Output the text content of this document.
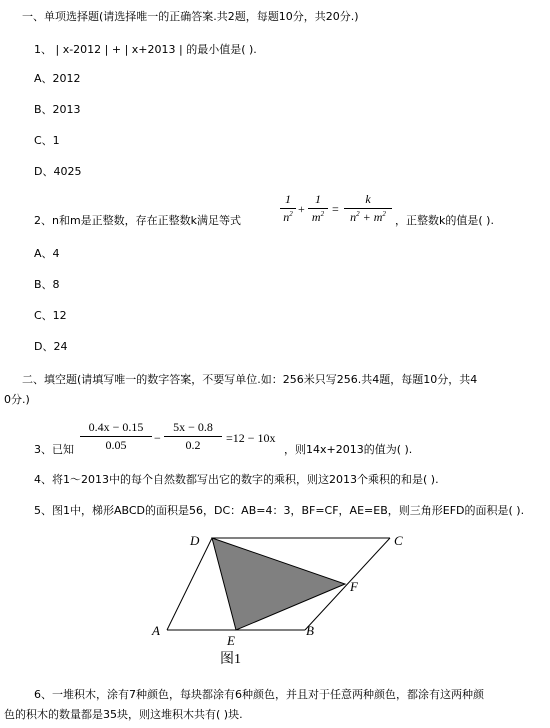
一、单项选择题(请选择唯一的正确答案.共2题，每题10分，共20分.)
1、 | x-2012 | + | x+2013 | 的最小值是( ).
A、2012
B、2013
C、1
D、4025
2、n和m是正整数，存在正整数k满足等式
1
$n^2$ +
1
$m^2$ =
k
$n^2 + m^2$ ，正整数k的值是( ).
A、4
B、8
C、12
D、24
二、填空题(请填写唯一的数字答案，不要写单位.如：256米只写256.共4题，每题10分，共4
0分.)
3、已知
0.4x − 0.15
0.05	−
5x − 0.8
0.2	=12 − 10x
，则14x+2013的值为( ).
4、将1～2013中的每个自然数都写出它的数字的乘积，则这2013个乘积的和是( ).
5、图1中，梯形ABCD的面积是56，DC：AB=4：3，BF=CF，AE=EB，则三角形EFD的面积是( ).
D	C
F
A	B
E
图1
6、一堆积木，涂有7种颜色，每块都涂有6种颜色，并且对于任意两种颜色，都涂有这两种颜
色的积木的数量都是35块，则这堆积木共有( )块.
